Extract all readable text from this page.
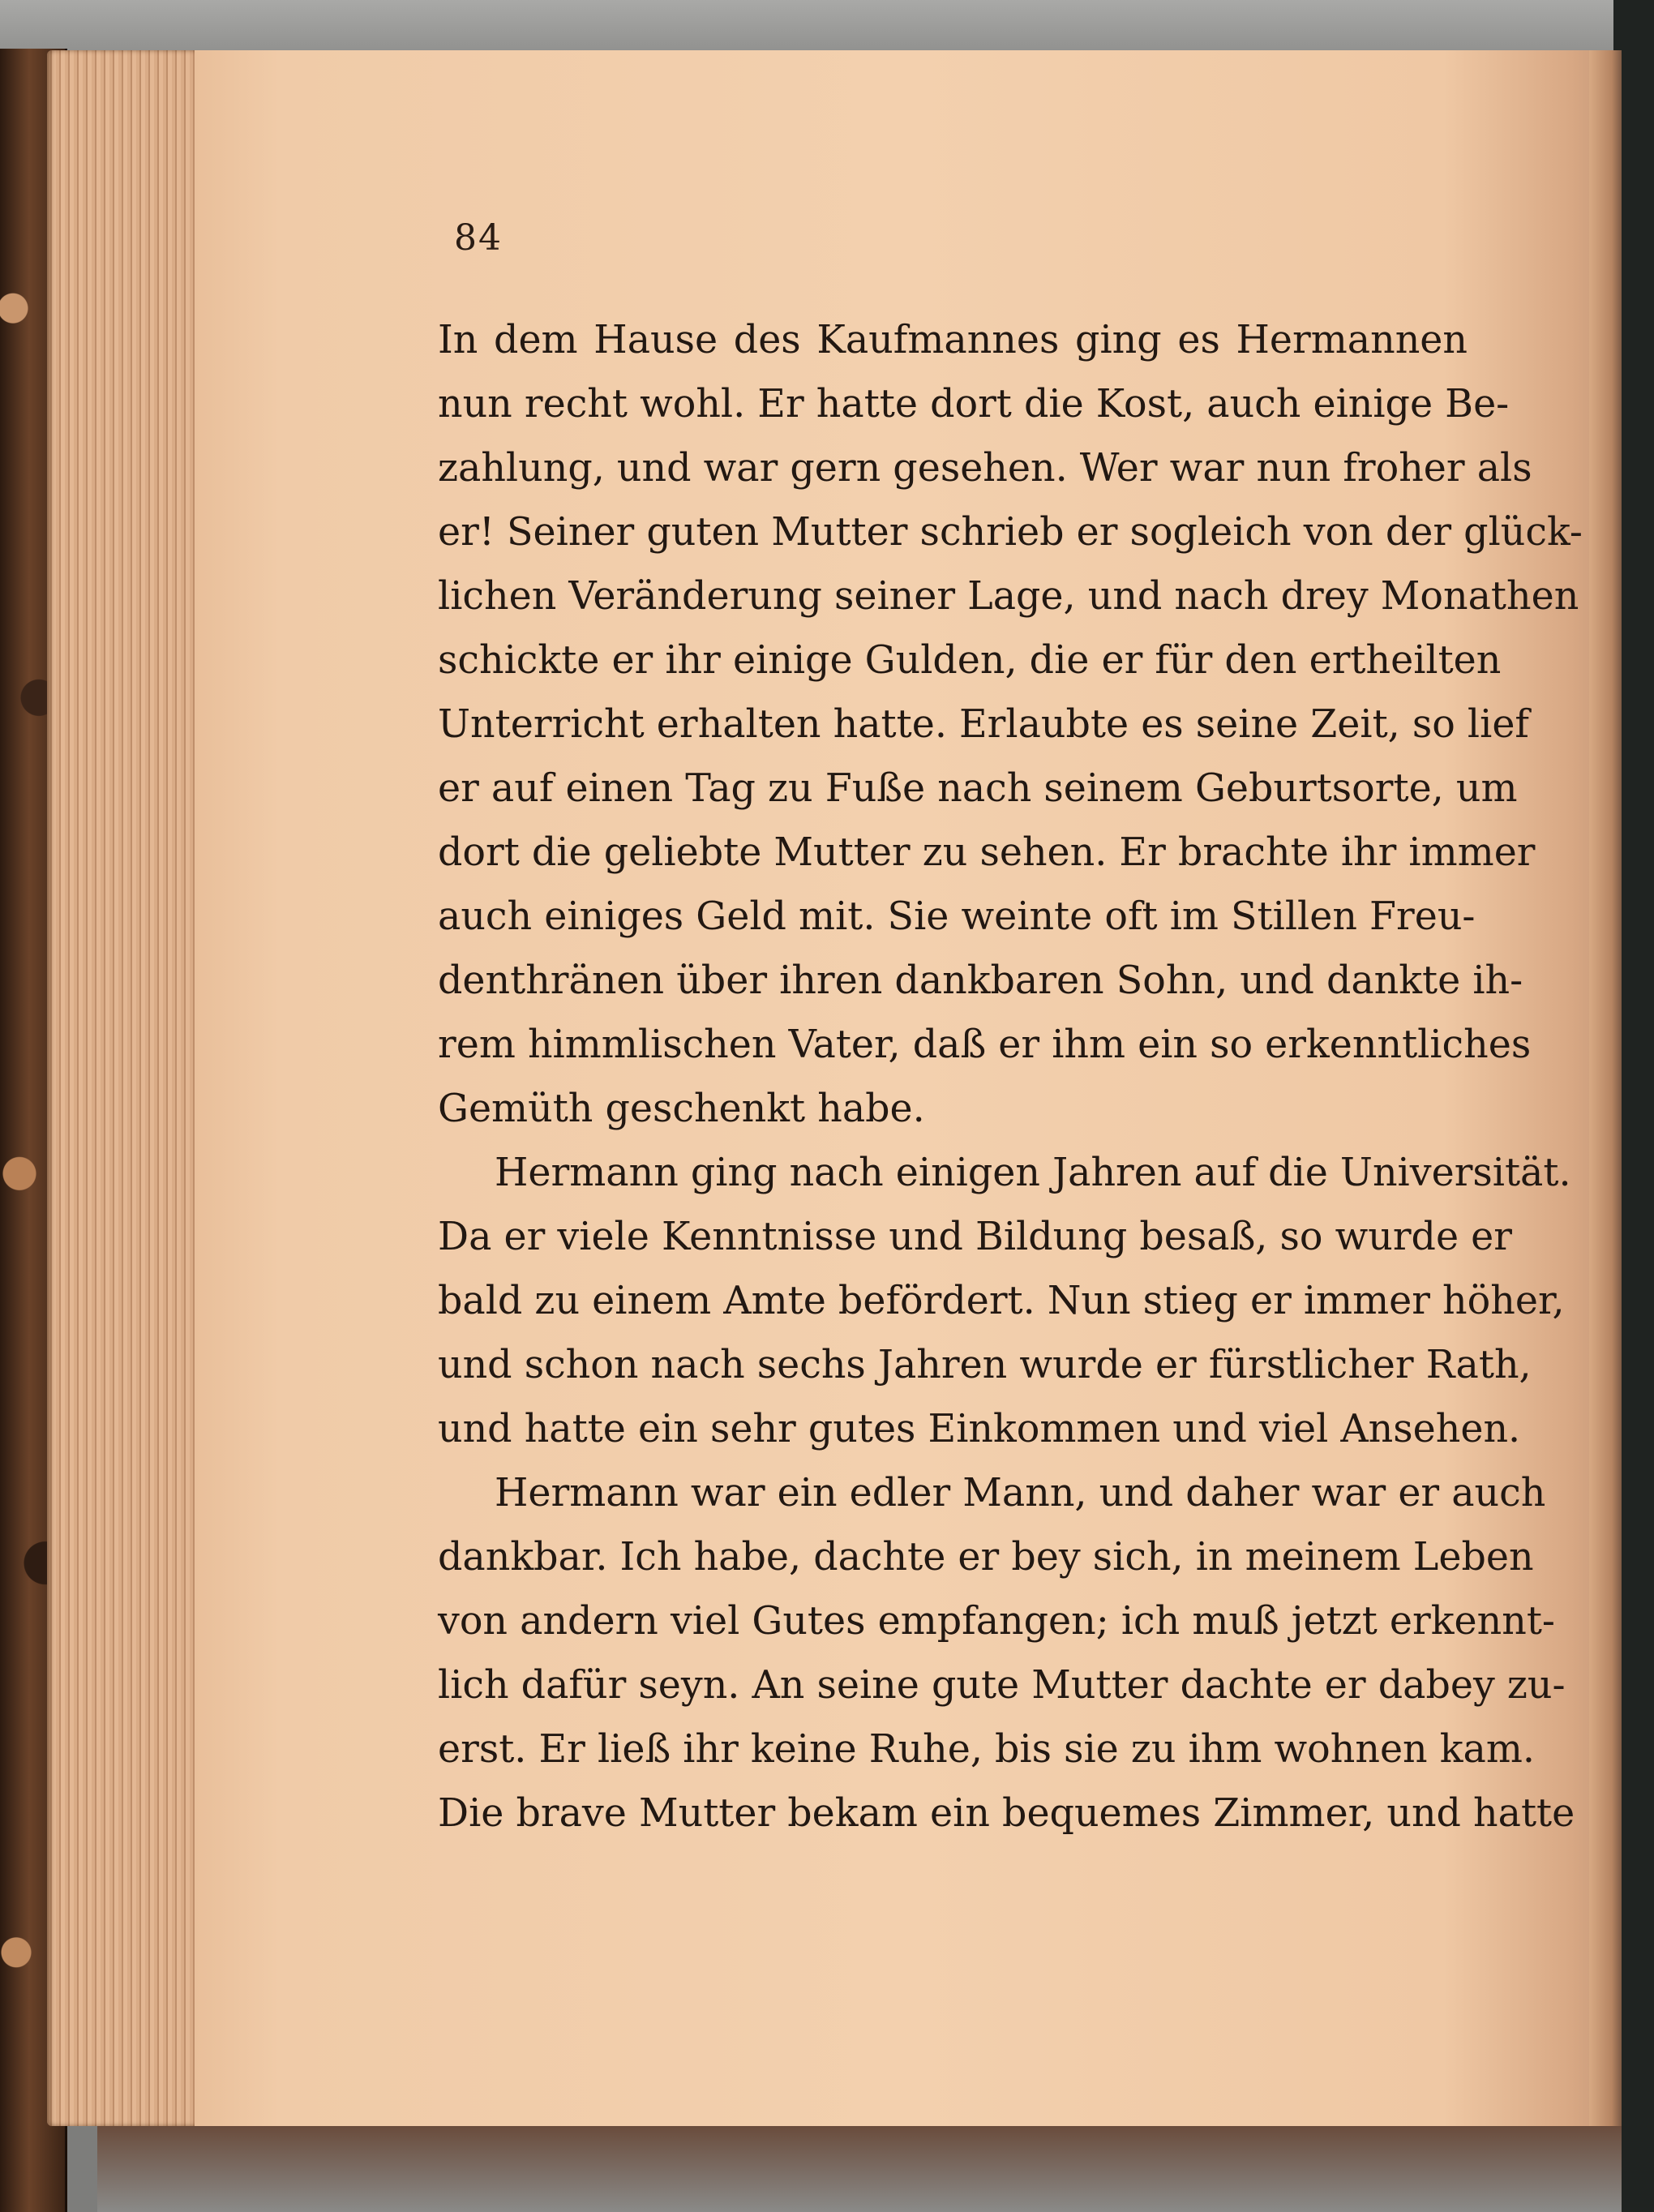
84

In dem Hause des Kaufmannes ging es Hermannen
nun recht wohl. Er hatte dort die Kost, auch einige Be-
zahlung, und war gern gesehen. Wer war nun froher als
er! Seiner guten Mutter schrieb er sogleich von der glück-
lichen Veränderung seiner Lage, und nach drey Monathen
schickte er ihr einige Gulden, die er für den ertheilten
Unterricht erhalten hatte. Erlaubte es seine Zeit, so lief
er auf einen Tag zu Fuße nach seinem Geburtsorte, um
dort die geliebte Mutter zu sehen. Er brachte ihr immer
auch einiges Geld mit. Sie weinte oft im Stillen Freu-
denthränen über ihren dankbaren Sohn, und dankte ih-
rem himmlischen Vater, daß er ihm ein so erkenntliches
Gemüth geschenkt habe.

Hermann ging nach einigen Jahren auf die Universität.
Da er viele Kenntnisse und Bildung besaß, so wurde er
bald zu einem Amte befördert. Nun stieg er immer höher,
und schon nach sechs Jahren wurde er fürstlicher Rath,
und hatte ein sehr gutes Einkommen und viel Ansehen.

Hermann war ein edler Mann, und daher war er auch
dankbar. Ich habe, dachte er bey sich, in meinem Leben
von andern viel Gutes empfangen; ich muß jetzt erkennt-
lich dafür seyn. An seine gute Mutter dachte er dabey zu-
erst. Er ließ ihr keine Ruhe, bis sie zu ihm wohnen kam.
Die brave Mutter bekam ein bequemes Zimmer, und hatte
